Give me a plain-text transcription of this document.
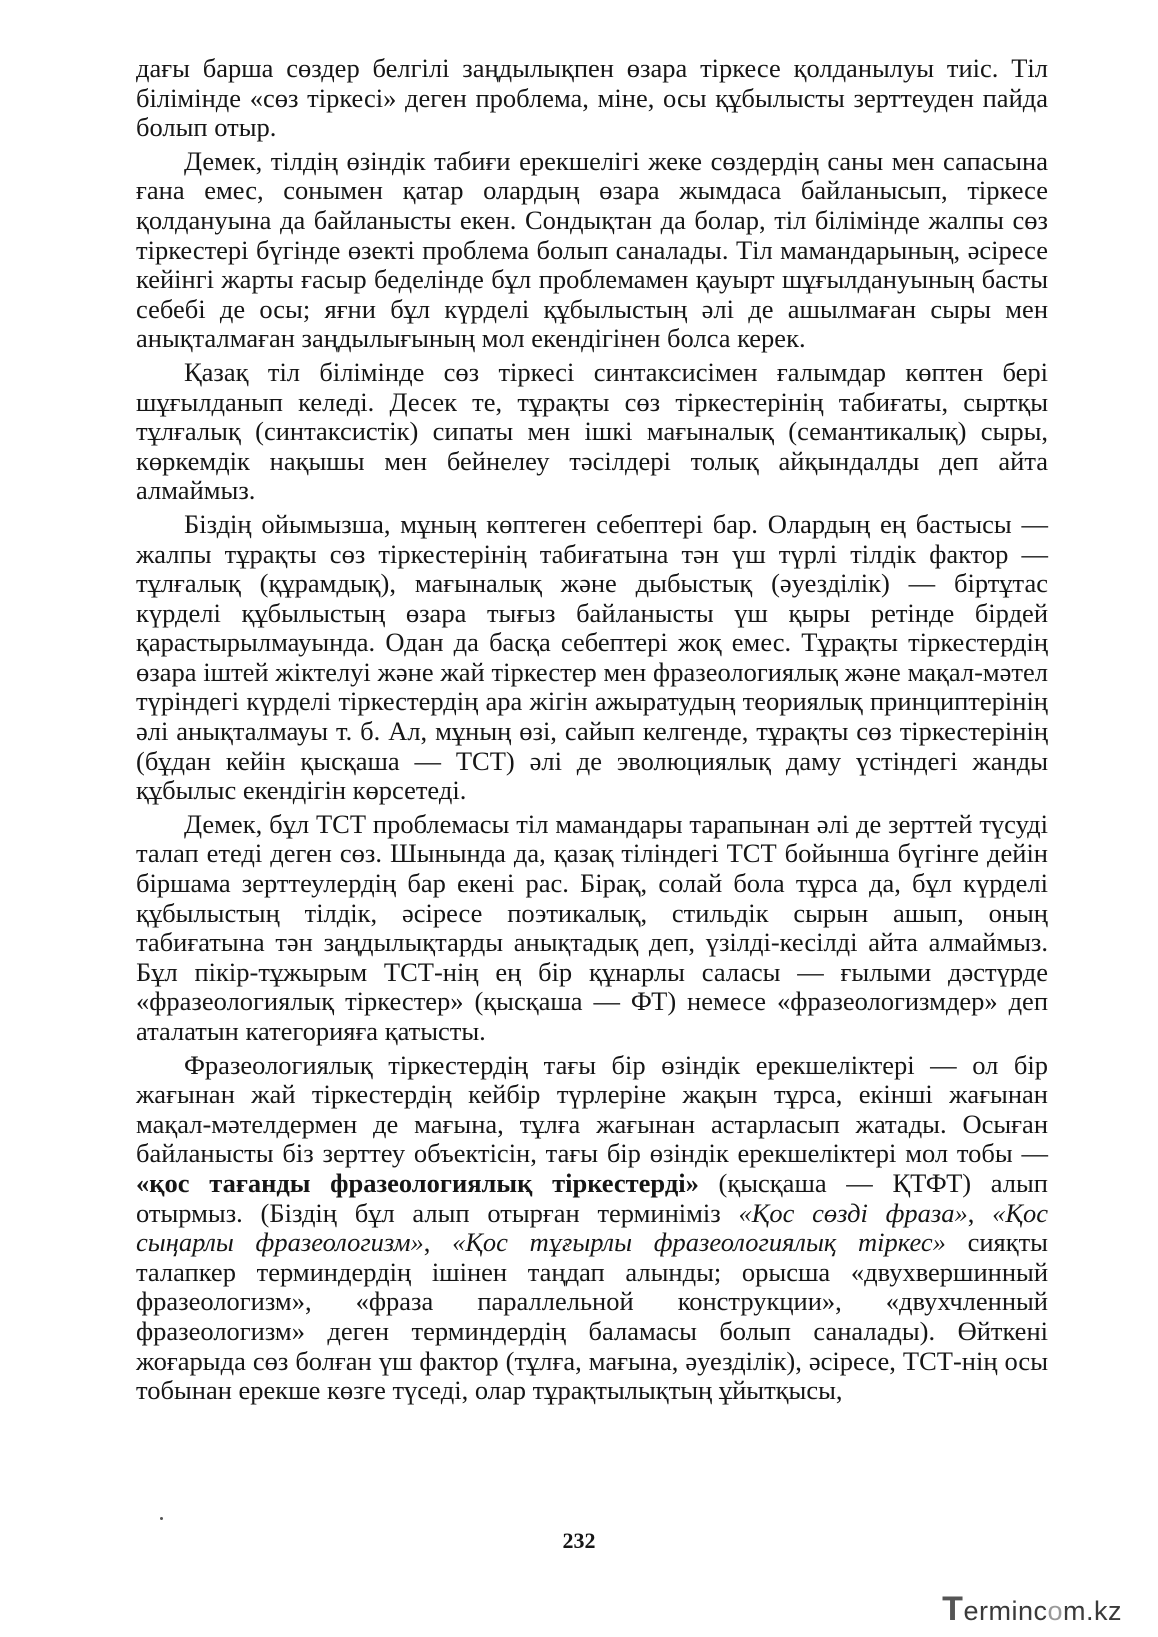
дағы барша сөздер белгілі заңдылықпен өзара тіркесе қолданылуы тиіс. Тіл білімінде «сөз тіркесі» деген проблема, міне, осы құбылысты зерттеуден пайда болып отыр.

Демек, тілдің өзіндік табиғи ерекшелігі жеке сөздердің саны мен сапасына ғана емес, сонымен қатар олардың өзара жымдаса байланысып, тіркесе қолдануына да байланысты екен. Сондықтан да болар, тіл білімінде жалпы сөз тіркестері бүгінде өзекті проблема болып саналады. Тіл мамандарының, әсіресе кейінгі жарты ғасыр беделінде бұл проблемамен қауырт шұғылдануының басты себебі де осы; яғни бұл күрделі құбылыстың әлі де ашылмаған сыры мен анықталмаған заңдылығының мол екендігінен болса керек.

Қазақ тіл білімінде сөз тіркесі синтаксисімен ғалымдар көптен бері шұғылданып келеді. Десек те, тұрақты сөз тіркестерінің табиғаты, сыртқы тұлғалық (синтаксистік) сипаты мен ішкі мағыналық (семантикалық) сыры, көркемдік нақышы мен бейнелеу тәсілдері толық айқындалды деп айта алмаймыз.

Біздің ойымызша, мұның көптеген себептері бар. Олардың ең бастысы — жалпы тұрақты сөз тіркестерінің табиғатына тән үш түрлі тілдік фактор — тұлғалық (құрамдық), мағыналық және дыбыстық (әуезділік) — біртұтас күрделі құбылыстың өзара тығыз байланысты үш қыры ретінде бірдей қарастырылмауында. Одан да басқа себептері жоқ емес. Тұрақты тіркестердің өзара іштей жіктелуі және жай тіркестер мен фразеологиялық және мақал-мәтел түріндегі күрделі тіркестердің ара жігін ажыратудың теориялық принциптерінің әлі анықталмауы т. б. Ал, мұның өзі, сайып келгенде, тұрақты сөз тіркестерінің (бұдан кейін қысқаша — ТСТ) әлі де эволюциялық даму үстіндегі жанды құбылыс екендігін көрсетеді.

Демек, бұл ТСТ проблемасы тіл мамандары тарапынан әлі де зерттей түсуді талап етеді деген сөз. Шынында да, қазақ тіліндегі ТСТ бойынша бүгінге дейін біршама зерттеулердің бар екені рас. Бірақ, солай бола тұрса да, бұл күрделі құбылыстың тілдік, әсіресе поэтикалық, стильдік сырын ашып, оның табиғатына тән заңдылықтарды анықтадық деп, үзілді-кесілді айта алмаймыз. Бұл пікір-тұжырым ТСТ-нің ең бір құнарлы саласы — ғылыми дәстүрде «фразеологиялық тіркестер» (қысқаша — ФТ) немесе «фразеологизмдер» деп аталатын категорияға қатысты.

Фразеологиялық тіркестердің тағы бір өзіндік ерекшеліктері — ол бір жағынан жай тіркестердің кейбір түрлеріне жақын тұрса, екінші жағынан мақал-мәтелдермен де мағына, тұлға жағынан астарласып жатады. Осыған байланысты біз зерттеу объектісін, тағы бір өзіндік ерекшеліктері мол тобы — «қос тағанды фразеологиялық тіркестерді» (қысқаша — ҚТФТ) алып отырмыз. (Біздің бұл алып отырған терминіміз «Қос сөзді фраза», «Қос сыңарлы фразеологизм», «Қос тұғырлы фразеологиялық тіркес» сияқты талапкер терминдердің ішінен таңдап алынды; орысша «двухвершинный фразеологизм», «фраза параллельной конструкции», «двухчленный фразеологизм» деген терминдердің баламасы болып саналады). Өйткені жоғарыда сөз болған үш фактор (тұлға, мағына, әуезділік), әсіресе, ТСТ-нің осы тобынан ерекше көзге түседі, олар тұрақтылықтың ұйытқысы,

232
Termincom.kz
